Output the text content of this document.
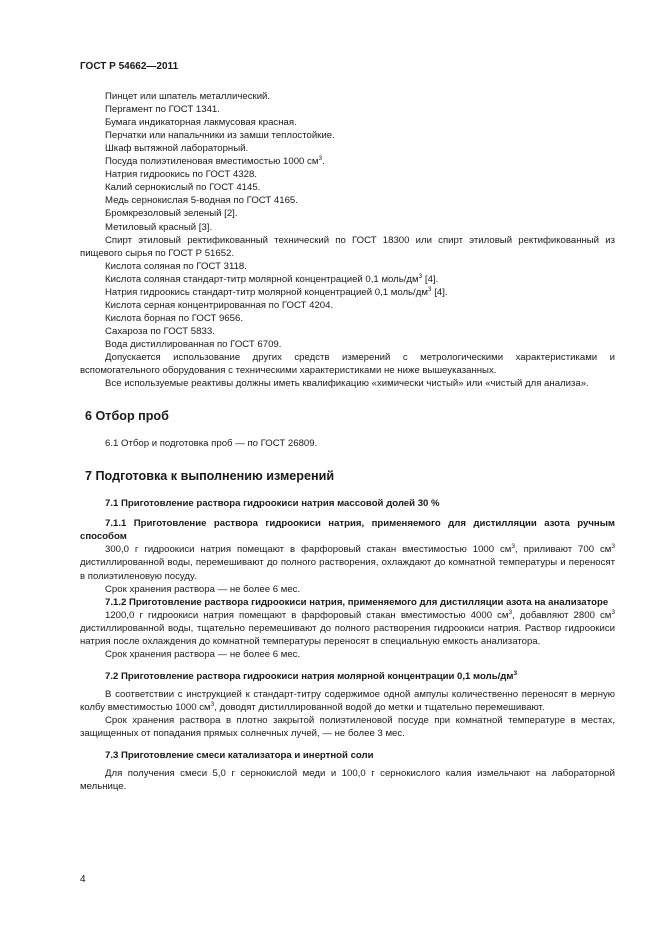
ГОСТ Р 54662—2011

Пинцет или шпатель металлический.

Пергамент по ГОСТ 1341.

Бумага индикаторная лакмусовая красная.

Перчатки или напальчники из замши теплостойкие.

Шкаф вытяжной лабораторный.

Посуда полиэтиленовая вместимостью 1000 $см^3$.

Натрия гидроокись по ГОСТ 4328.

Калий сернокислый по ГОСТ 4145.

Медь сернокислая 5-водная по ГОСТ 4165.

Бромкрезоловый зеленый [2].

Метиловый красный [3].

Спирт этиловый ректификованный технический по ГОСТ 18300 или спирт этиловый ректификованный из пищевого сырья по ГОСТ Р 51652.

Кислота соляная по ГОСТ 3118.

Кислота соляная стандарт-титр молярной концентрацией 0,1 моль/$дм^3$ [4].

Натрия гидроокись стандарт-титр молярной концентрацией 0,1 моль/$дм^3$ [4].

Кислота серная концентрированная по ГОСТ 4204.

Кислота борная по ГОСТ 9656.

Сахароза по ГОСТ 5833.

Вода дистиллированная по ГОСТ 6709.

Допускается использование других средств измерений с метрологическими характеристиками и вспомогательного оборудования с техническими характеристиками не ниже вышеуказанных.

Все используемые реактивы должны иметь квалификацию «химически чистый» или «чистый для анализа».

6 Отбор проб

6.1 Отбор и подготовка проб — по ГОСТ 26809.

7 Подготовка к выполнению измерений

7.1 Приготовление раствора гидроокиси натрия массовой долей 30 %

7.1.1 Приготовление раствора гидроокиси натрия, применяемого для дистилляции азота ручным способом

300,0 г гидроокиси натрия помещают в фарфоровый стакан вместимостью 1000 $см^3$, приливают 700 $см^3$ дистиллированной воды, перемешивают до полного растворения, охлаждают до комнатной температуры и переносят в полиэтиленовую посуду.

Срок хранения раствора — не более 6 мес.

7.1.2 Приготовление раствора гидроокиси натрия, применяемого для дистилляции азота на анализаторе

1200,0 г гидроокиси натрия помещают в фарфоровый стакан вместимостью 4000 $см^3$, добавляют 2800 $см^3$ дистиллированной воды, тщательно перемешивают до полного растворения гидроокиси натрия. Раствор гидроокиси натрия после охлаждения до комнатной температуры переносят в специальную емкость анализатора.

Срок хранения раствора — не более 6 мес.

7.2 Приготовление раствора гидроокиси натрия молярной концентрации 0,1 моль/$дм^3$

В соответствии с инструкцией к стандарт-титру содержимое одной ампулы количественно переносят в мерную колбу вместимостью 1000 $см^3$, доводят дистиллированной водой до метки и тщательно перемешивают.

Срок хранения раствора в плотно закрытой полиэтиленовой посуде при комнатной температуре в местах, защищенных от попадания прямых солнечных лучей, — не более 3 мес.

7.3 Приготовление смеси катализатора и инертной соли

Для получения смеси 5,0 г сернокислой меди и 100,0 г сернокислого калия измельчают на лабораторной мельнице.

4
